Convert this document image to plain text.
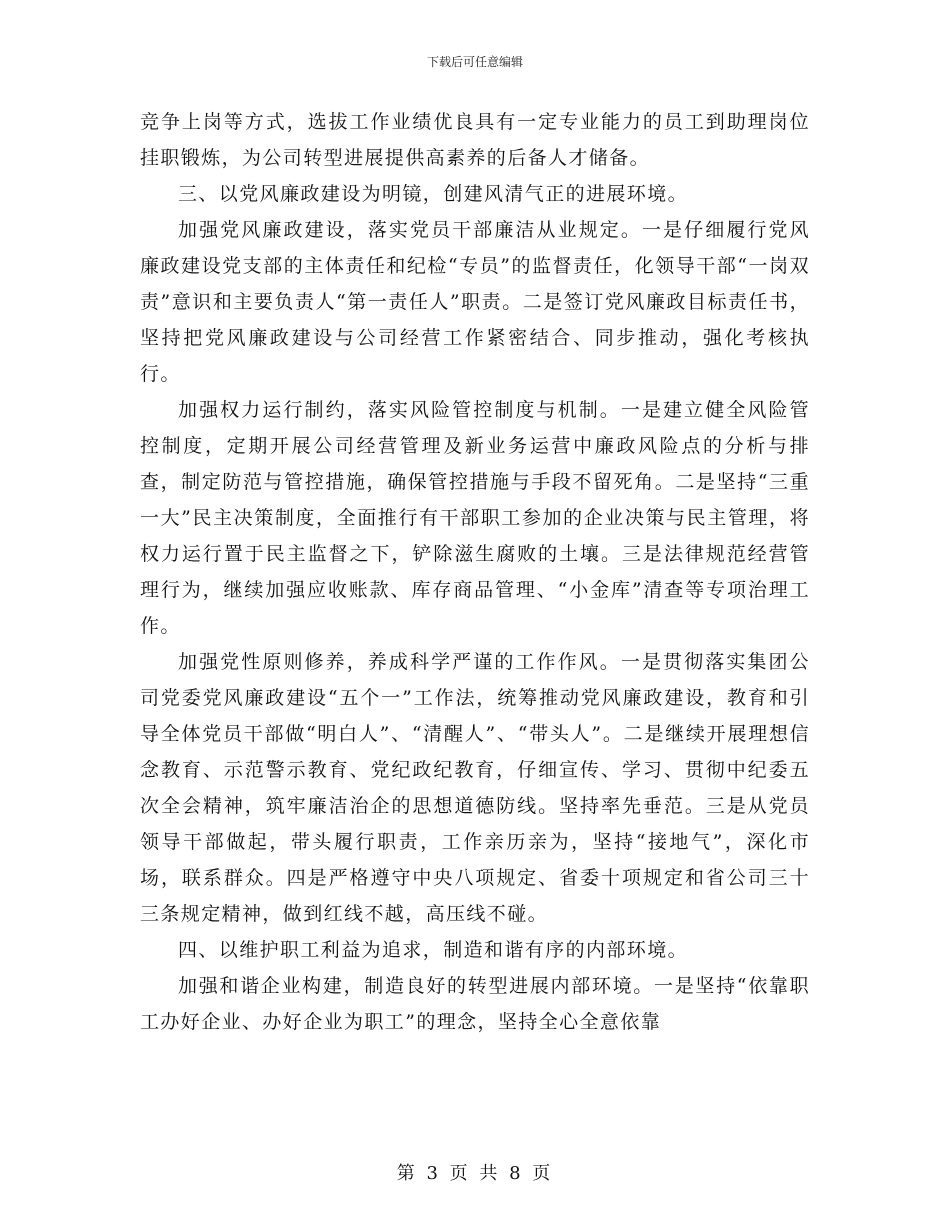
下载后可任意编辑

竞争上岗等方式，选拔工作业绩优良具有一定专业能力的员工到助理岗位挂职锻炼，为公司转型进展提供高素养的后备人才储备。

三、以党风廉政建设为明镜，创建风清气正的进展环境。

加强党风廉政建设，落实党员干部廉洁从业规定。一是仔细履行党风廉政建设党支部的主体责任和纪检“专员”的监督责任，化领导干部“一岗双责”意识和主要负责人“第一责任人”职责。二是签订党风廉政目标责任书，坚持把党风廉政建设与公司经营工作紧密结合、同步推动，强化考核执行。

加强权力运行制约，落实风险管控制度与机制。一是建立健全风险管控制度，定期开展公司经营管理及新业务运营中廉政风险点的分析与排查，制定防范与管控措施，确保管控措施与手段不留死角。二是坚持“三重一大”民主决策制度，全面推行有干部职工参加的企业决策与民主管理，将权力运行置于民主监督之下，铲除滋生腐败的土壤。三是法律规范经营管理行为，继续加强应收账款、库存商品管理、“小金库”清查等专项治理工作。

加强党性原则修养，养成科学严谨的工作作风。一是贯彻落实集团公司党委党风廉政建设“五个一”工作法，统筹推动党风廉政建设，教育和引导全体党员干部做“明白人”、“清醒人”、“带头人”。二是继续开展理想信念教育、示范警示教育、党纪政纪教育，仔细宣传、学习、贯彻中纪委五次全会精神，筑牢廉洁治企的思想道德防线。坚持率先垂范。三是从党员领导干部做起，带头履行职责，工作亲历亲为，坚持“接地气”，深化市场，联系群众。四是严格遵守中央八项规定、省委十项规定和省公司三十三条规定精神，做到红线不越，高压线不碰。

四、以维护职工利益为追求，制造和谐有序的内部环境。

加强和谐企业构建，制造良好的转型进展内部环境。一是坚持“依靠职工办好企业、办好企业为职工”的理念，坚持全心全意依靠

第 3 页 共 8 页
